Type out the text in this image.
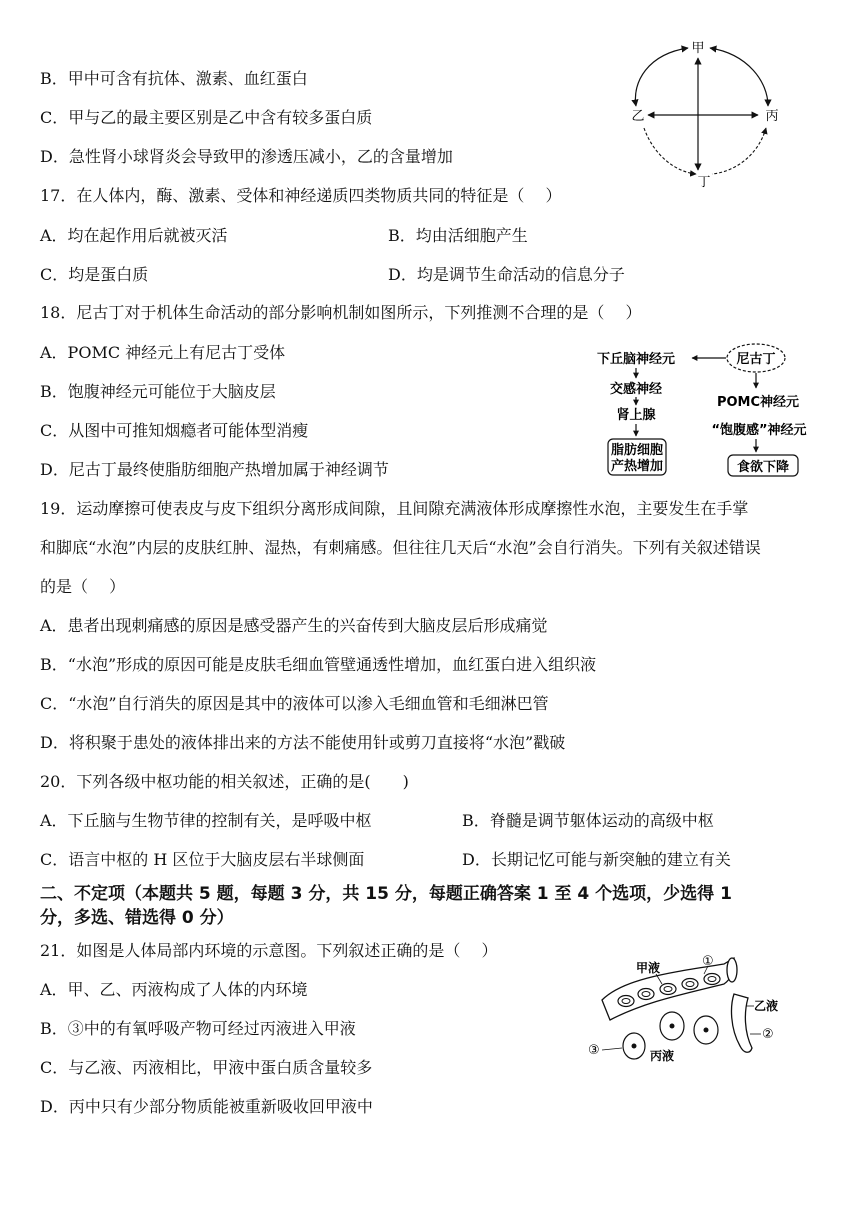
B．甲中可含有抗体、激素、血红蛋白
C．甲与乙的最主要区别是乙中含有较多蛋白质
D．急性肾小球肾炎会导致甲的渗透压减小，乙的含量增加
甲
乙	丙
丁
17．在人体内，酶、激素、受体和神经递质四类物质共同的特征是（　 ）
A．均在起作用后就被灭活	B．均由活细胞产生
C．均是蛋白质	D．均是调节生命活动的信息分子
18．尼古丁对于机体生命活动的部分影响机制如图所示，下列推测不合理的是（　 ）
A．POMC 神经元上有尼古丁受体
B．饱腹神经元可能位于大脑皮层
C．从图中可推知烟瘾者可能体型消瘦
D．尼古丁最终使脂肪细胞产热增加属于神经调节
下丘脑神经元	尼古丁
交感神经
肾上腺
脂肪细胞
产热增加
POMC神经元
“饱腹感”神经元
食欲下降
19．运动摩擦可使表皮与皮下组织分离形成间隙，且间隙充满液体形成摩擦性水泡，主要发生在手掌
和脚底“水泡”内层的皮肤红肿、湿热，有刺痛感。但往往几天后“水泡”会自行消失。下列有关叙述错误
的是（　 ）
A．患者出现刺痛感的原因是感受器产生的兴奋传到大脑皮层后形成痛觉
B．“水泡”形成的原因可能是皮肤毛细血管壁通透性增加，血红蛋白进入组织液
C．“水泡”自行消失的原因是其中的液体可以渗入毛细血管和毛细淋巴管
D．将积聚于患处的液体排出来的方法不能使用针或剪刀直接将“水泡”戳破
20．下列各级中枢功能的相关叙述，正确的是(　　)
A．下丘脑与生物节律的控制有关，是呼吸中枢	B．脊髓是调节躯体运动的高级中枢
C．语言中枢的 H 区位于大脑皮层右半球侧面	D．长期记忆可能与新突触的建立有关
二、不定项（本题共 5 题，每题 3 分，共 15 分，每题正确答案 1 至 4 个选项，少选得 1
分，多选、错选得 0 分）
21．如图是人体局部内环境的示意图。下列叙述正确的是（　 ）
A．甲、乙、丙液构成了人体的内环境
B．③中的有氧呼吸产物可经过丙液进入甲液
C．与乙液、丙液相比，甲液中蛋白质含量较多
D．丙中只有少部分物质能被重新吸收回甲液中
甲液	①
乙液
②
③	丙液
